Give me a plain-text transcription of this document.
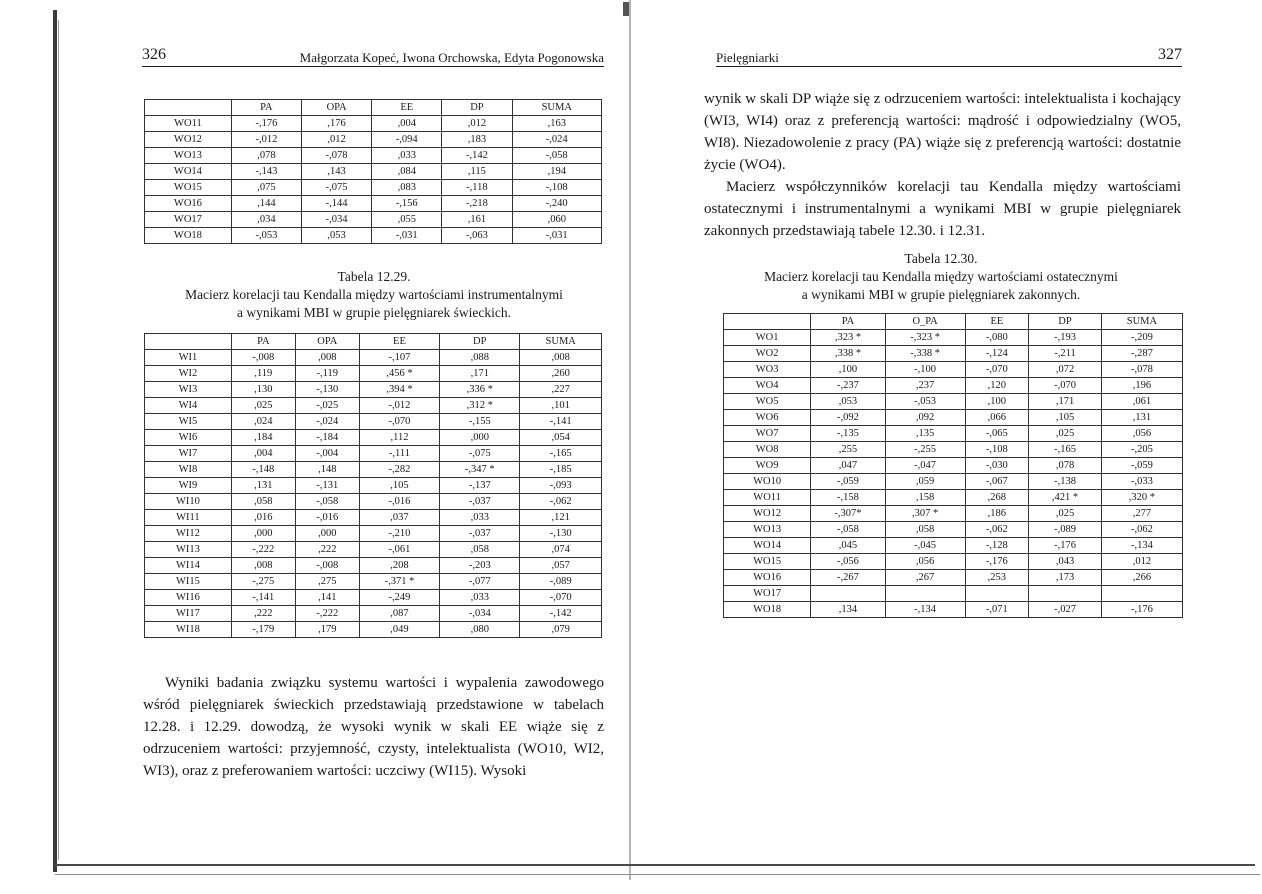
326	Małgorzata Kopeć, Iwona Orchowska, Edyta Pogonowska
	PA	OPA	EE	DP	SUMA
WO11	-,176	,176	,004	,012	,163
WO12	-,012	,012	-,094	,183	-,024
WO13	,078	-,078	,033	-,142	-,058
WO14	-,143	,143	,084	,115	,194
WO15	,075	-,075	,083	-,118	-,108
WO16	,144	-,144	-,156	-,218	-,240
WO17	,034	-,034	,055	,161	,060
WO18	-,053	,053	-,031	-,063	-,031
Tabela 12.29.
Macierz korelacji tau Kendalla między wartościami instrumentalnymi
a wynikami MBI w grupie pielęgniarek świeckich.
	PA	OPA	EE	DP	SUMA
WI1	-,008	,008	-,107	,088	,008
WI2	,119	-,119	,456 *	,171	,260
WI3	,130	-,130	,394 *	,336 *	,227
WI4	,025	-,025	-,012	,312 *	,101
WI5	,024	-,024	-,070	-,155	-,141
WI6	,184	-,184	,112	,000	,054
WI7	,004	-,004	-,111	-,075	-,165
WI8	-,148	,148	-,282	-,347 *	-,185
WI9	,131	-,131	,105	-,137	-,093
WI10	,058	-,058	-,016	-,037	-,062
WI11	,016	-,016	,037	,033	,121
WI12	,000	,000	-,210	-,037	-,130
WI13	-,222	,222	-,061	,058	,074
WI14	,008	-,008	,208	-,203	,057
WI15	-,275	,275	-,371 *	-,077	-,089
WI16	-,141	,141	-,249	,033	-,070
WI17	,222	-,222	,087	-,034	-,142
WI18	-,179	,179	,049	,080	,079

Wyniki badania związku systemu wartości i wypalenia zawodowego wśród pielęgniarek świeckich przedstawiają przedstawione w tabelach 12.28. i 12.29. dowodzą, że wysoki wynik w skali EE wiąże się z odrzuceniem wartości: przyjemność, czysty, intelektualista (WO10, WI2, WI3), oraz z preferowaniem wartości: uczciwy (WI15). Wysoki

Pielęgniarki	327

wynik w skali DP wiąże się z odrzuceniem wartości: intelektualista i kochający (WI3, WI4) oraz z preferencją wartości: mądrość i odpowiedzialny (WO5, WI8). Niezadowolenie z pracy (PA) wiąże się z preferencją wartości: dostatnie życie (WO4).

Macierz współczynników korelacji tau Kendalla między wartościami ostatecznymi i instrumentalnymi a wynikami MBI w grupie pielęgniarek zakonnych przedstawiają tabele 12.30. i 12.31.

Tabela 12.30.
Macierz korelacji tau Kendalla między wartościami ostatecznymi
a wynikami MBI w grupie pielęgniarek zakonnych.
	PA	O_PA	EE	DP	SUMA
WO1	,323 *	-,323 *	-,080	-,193	-,209
WO2	,338 *	-,338 *	-,124	-,211	-,287
WO3	,100	-,100	-,070	,072	-,078
WO4	-,237	,237	,120	-,070	,196
WO5	,053	-,053	,100	,171	,061
WO6	-,092	,092	,066	,105	,131
WO7	-,135	,135	-,065	,025	,056
WO8	,255	-,255	-,108	-,165	-,205
WO9	,047	-,047	-,030	,078	-,059
WO10	-,059	,059	-,067	-,138	-,033
WO11	-,158	,158	,268	,421 *	,320 *
WO12	-,307*	,307 *	,186	,025	,277
WO13	-,058	,058	-,062	-,089	-,062
WO14	,045	-,045	-,128	-,176	-,134
WO15	-,056	,056	-,176	,043	,012
WO16	-,267	,267	,253	,173	,266
WO17					
WO18	,134	-,134	-,071	-,027	-,176
